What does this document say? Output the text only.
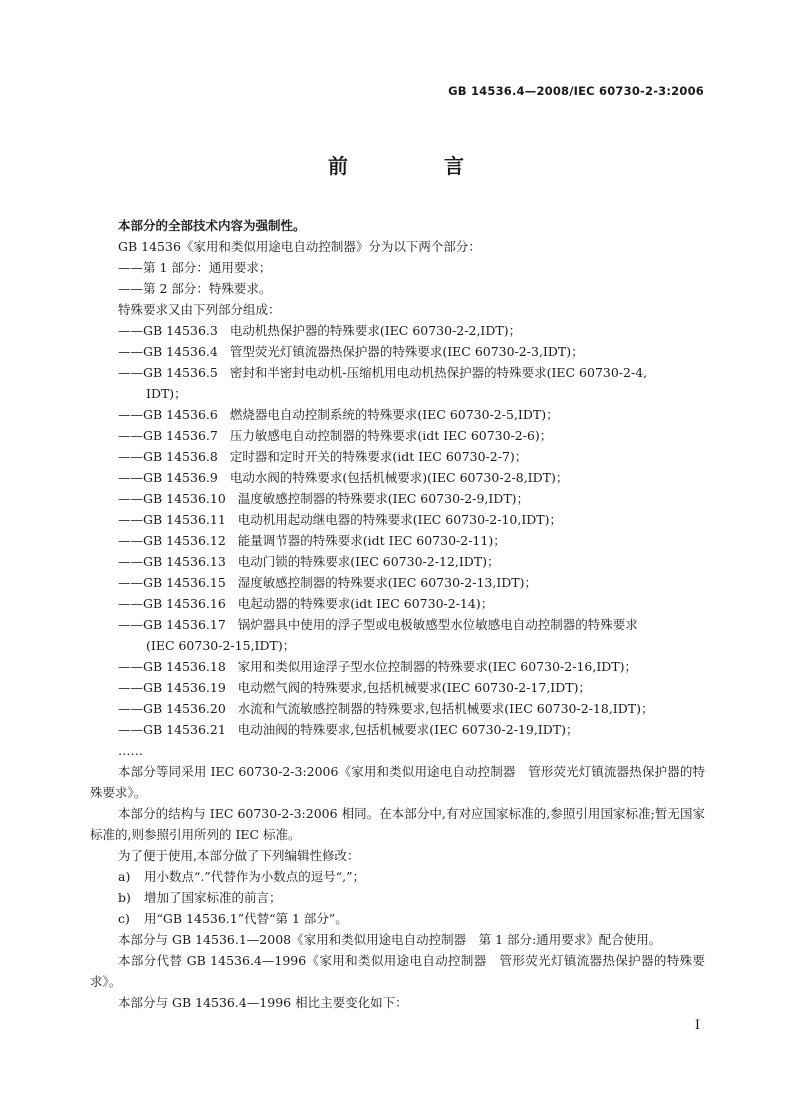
GB 14536.4—2008/IEC 60730-2-3:2006
前　言

本部分的全部技术内容为强制性。

GB 14536《家用和类似用途电自动控制器》分为以下两个部分：

——第 1 部分：通用要求；

——第 2 部分：特殊要求。

特殊要求又由下列部分组成：

—— GB 14536.3 电动机热保护器的特殊要求(IEC 60730-2-2,IDT)；
—— GB 14536.4 管型荧光灯镇流器热保护器的特殊要求(IEC 60730-2-3,IDT)；
—— GB 14536.5 密封和半密封电动机-压缩机用电动机热保护器的特殊要求(IEC 60730-2-4,
IDT)；
—— GB 14536.6 燃烧器电自动控制系统的特殊要求(IEC 60730-2-5,IDT)；
—— GB 14536.7 压力敏感电自动控制器的特殊要求(idt IEC 60730-2-6)；
—— GB 14536.8 定时器和定时开关的特殊要求(idt IEC 60730-2-7)；
—— GB 14536.9 电动水阀的特殊要求(包括机械要求)(IEC 60730-2-8,IDT)；
—— GB 14536.10 温度敏感控制器的特殊要求(IEC 60730-2-9,IDT)；
—— GB 14536.11 电动机用起动继电器的特殊要求(IEC 60730-2-10,IDT)；
—— GB 14536.12 能量调节器的特殊要求(idt IEC 60730-2-11)；
—— GB 14536.13 电动门锁的特殊要求(IEC 60730-2-12,IDT)；
—— GB 14536.15 湿度敏感控制器的特殊要求(IEC 60730-2-13,IDT)；
—— GB 14536.16 电起动器的特殊要求(idt IEC 60730-2-14)；
—— GB 14536.17 锅炉器具中使用的浮子型或电极敏感型水位敏感电自动控制器的特殊要求
(IEC 60730-2-15,IDT)；
—— GB 14536.18 家用和类似用途浮子型水位控制器的特殊要求(IEC 60730-2-16,IDT)；
—— GB 14536.19 电动燃气阀的特殊要求,包括机械要求(IEC 60730-2-17,IDT)；
—— GB 14536.20 水流和气流敏感控制器的特殊要求,包括机械要求(IEC 60730-2-18,IDT)；
—— GB 14536.21 电动油阀的特殊要求,包括机械要求(IEC 60730-2-19,IDT)；
……

本部分等同采用 IEC 60730-2-3:2006《家用和类似用途电自动控制器　管形荧光灯镇流器热保护器的特殊要求》。

本部分的结构与 IEC 60730-2-3:2006 相同。在本部分中,有对应国家标准的,参照引用国家标准;暂无国家标准的,则参照引用所列的 IEC 标准。

为了便于使用,本部分做了下列编辑性修改：

a)	用小数点“.”代替作为小数点的逗号“,”；
b)	增加了国家标准的前言；
c)	用“GB 14536.1”代替“第 1 部分”。

本部分与 GB 14536.1—2008《家用和类似用途电自动控制器　第 1 部分:通用要求》配合使用。

本部分代替 GB 14536.4—1996《家用和类似用途电自动控制器　管形荧光灯镇流器热保护器的特殊要求》。

本部分与 GB 14536.4—1996 相比主要变化如下：

I
